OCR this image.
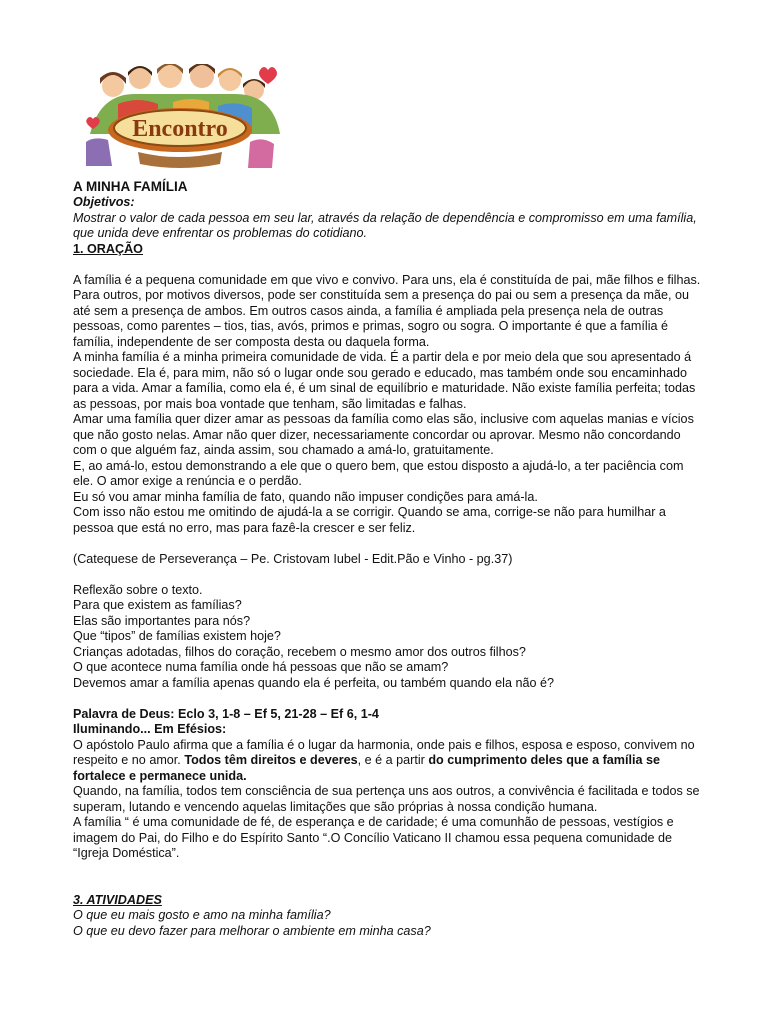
Encontro
A MINHA FAMÍLIA

Objetivos:

Mostrar o valor de cada pessoa em seu lar, através da relação de dependência e compromisso em uma família, que unida deve enfrentar os problemas do cotidiano.

1. ORAÇÃO

A família é a pequena comunidade em que vivo e convivo. Para uns, ela é constituída de pai, mãe filhos e filhas. Para outros, por motivos diversos, pode ser constituída sem a presença do pai ou sem a presença da mãe, ou até sem a presença de ambos. Em outros casos ainda, a família é ampliada pela presença nela de outras pessoas, como parentes – tios, tias, avós, primos e primas, sogro ou sogra. O importante é que a família é família, independente de ser composta desta ou daquela forma.

A minha família é a minha primeira comunidade de vida. É a partir dela e por meio dela que sou apresentado á sociedade. Ela é, para mim, não só o lugar onde sou gerado e educado, mas também onde sou encaminhado para a vida. Amar a família, como ela é, é um sinal de equilíbrio e maturidade. Não existe família perfeita; todas as pessoas, por mais boa vontade que tenham, são limitadas e falhas.

Amar uma família quer dizer amar as pessoas da família como elas são, inclusive com aquelas manias e vícios que não gosto nelas. Amar não quer dizer, necessariamente concordar ou aprovar. Mesmo não concordando com o que alguém faz, ainda assim, sou chamado a amá-lo, gratuitamente.

E, ao amá-lo, estou demonstrando a ele que o quero bem, que estou disposto a ajudá-lo, a ter paciência com ele. O amor exige a renúncia e o perdão.

Eu só vou amar minha família de fato, quando não impuser condições para amá-la.

Com isso não estou me omitindo de ajudá-la a se corrigir. Quando se ama, corrige-se não para humilhar a pessoa que está no erro, mas para fazê-la crescer e ser feliz.

(Catequese de Perseverança – Pe. Cristovam Iubel - Edit.Pão e Vinho - pg.37)

Reflexão sobre o texto.

Para que existem as famílias?

Elas são importantes para nós?

Que “tipos” de famílias existem hoje?

Crianças adotadas, filhos do coração, recebem o mesmo amor dos outros filhos?

O que acontece numa família onde há pessoas que não se amam?

Devemos amar a família apenas quando ela é perfeita, ou também quando ela não é?

Palavra de Deus: Eclo 3, 1-8 – Ef 5, 21-28 – Ef 6, 1-4

Iluminando... Em Efésios:

O apóstolo Paulo afirma que a família é o lugar da harmonia, onde pais e filhos, esposa e esposo, convivem no respeito e no amor. Todos têm direitos e deveres, e é a partir do cumprimento deles que a família se fortalece e permanece unida.

Quando, na família, todos tem consciência de sua pertença uns aos outros, a convivência é facilitada e todos se superam, lutando e vencendo aquelas limitações que são próprias à nossa condição humana.

A família “ é uma comunidade de fé, de esperança e de caridade; é uma comunhão de pessoas, vestígios e imagem do Pai, do Filho e do Espírito Santo “.O Concílio Vaticano II chamou essa pequena comunidade de “Igreja Doméstica”.

3. ATIVIDADES

O que eu mais gosto e amo na minha família?

O que eu devo fazer para melhorar o ambiente em minha casa?
